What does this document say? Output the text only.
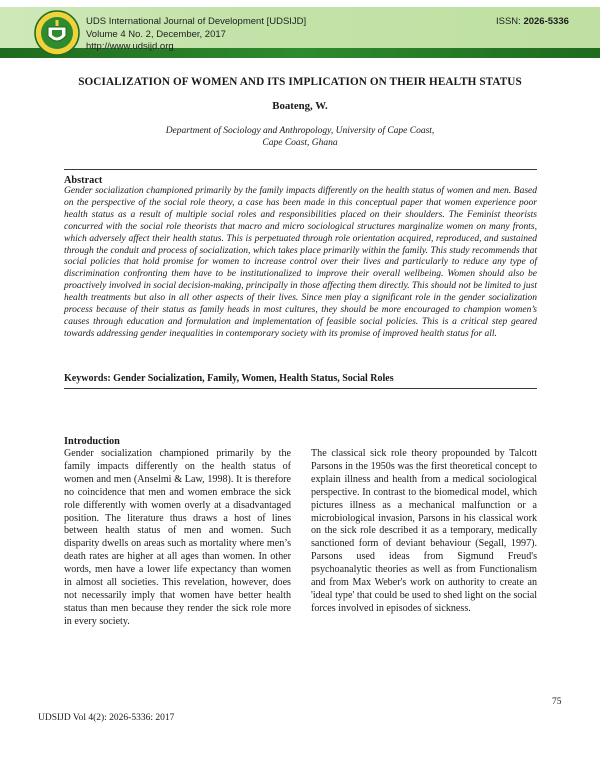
UDS International Journal of Development [UDSIJD]
Volume 4 No. 2, December, 2017
http://www.udsijd.org
ISSN: 2026-5336
SOCIALIZATION OF WOMEN AND ITS IMPLICATION ON THEIR HEALTH STATUS
Boateng, W.
Department of Sociology and Anthropology, University of Cape Coast,
Cape Coast, Ghana
Abstract
Gender socialization championed primarily by the family impacts differently on the health status of women and men. Based on the perspective of the social role theory, a case has been made in this conceptual paper that women experience poor health status as a result of multiple social roles and responsibilities placed on their shoulders. The Feminist theorists concurred with the social role theorists that macro and micro sociological structures marginalize women on many fronts, which adversely affect their health status. This is perpetuated through role orientation acquired, reproduced, and sustained through the conduit and process of socialization, which takes place primarily within the family. This study recommends that social policies that hold promise for women to increase control over their lives and particularly to reduce any type of discrimination confronting them have to be institutionalized to improve their overall wellbeing. Women should also be proactively involved in social decision-making, principally in those affecting them directly. This should not be limited to just health treatments but also in all other aspects of their lives. Since men play a significant role in the gender socialization process because of their status as family heads in most cultures, they should be more encouraged to champion women’s causes through education and formulation and implementation of feasible social policies. This is a critical step geared towards addressing gender inequalities in contemporary society with its promise of improved health status for all.
Keywords: Gender Socialization, Family, Women, Health Status, Social Roles
Introduction
Gender socialization championed primarily by the family impacts differently on the health status of women and men (Anselmi & Law, 1998). It is therefore no coincidence that men and women embrace the sick role differently with women overly at a disadvantaged position. The literature thus draws a host of lines between health status of men and women. Such disparity dwells on areas such as mortality where men’s death rates are higher at all ages than women. In other words, men have a lower life expectancy than women in almost all societies. This revelation, however, does not necessarily imply that women have better health status than men because they render the sick role more in every society.
The classical sick role theory propounded by Talcott Parsons in the 1950s was the first theoretical concept to explain illness and health from a medical sociological perspective. In contrast to the biomedical model, which pictures illness as a mechanical malfunction or a microbiological invasion, Parsons in his classical work on the sick role described it as a temporary, medically sanctioned form of deviant behaviour (Segall, 1997). Parsons used ideas from Sigmund Freud's psychoanalytic theories as well as from Functionalism and from Max Weber's work on authority to create an 'ideal type' that could be used to shed light on the social forces involved in episodes of sickness.
75
UDSIJD Vol 4(2): 2026-5336: 2017
